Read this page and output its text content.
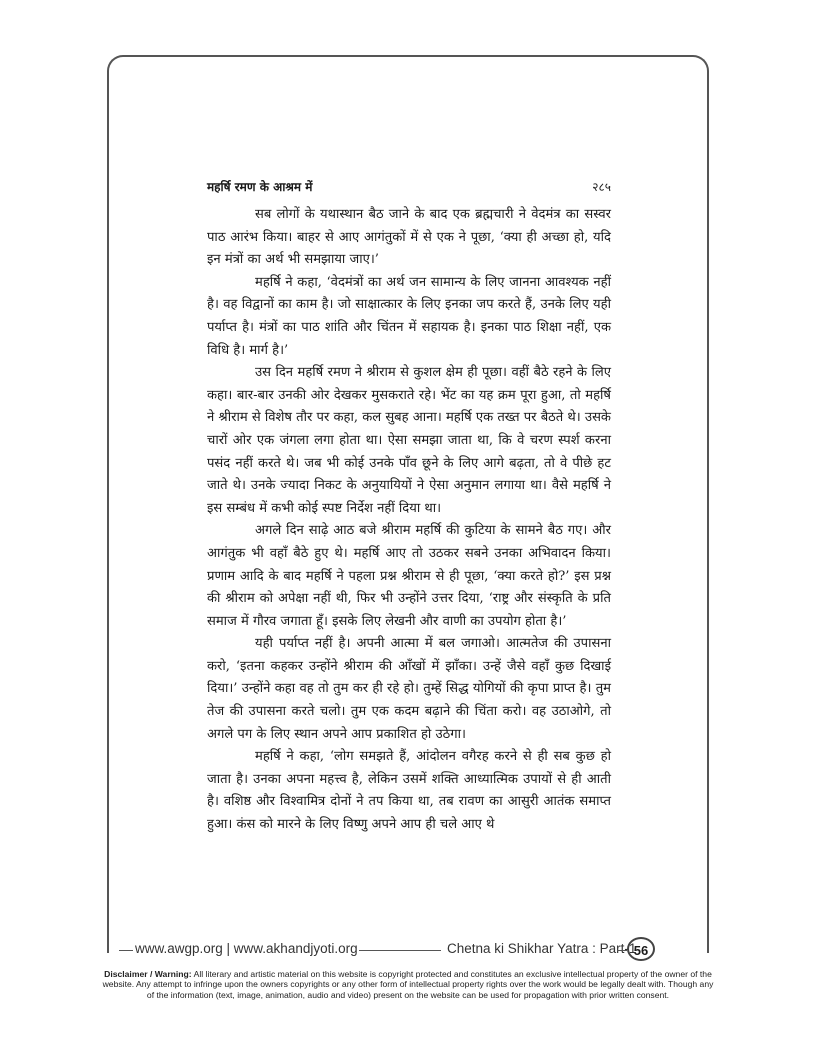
महर्षि रमण के आश्रम में	२८५

सब लोगों के यथास्थान बैठ जाने के बाद एक ब्रह्मचारी ने वेदमंत्र का सस्वर पाठ आरंभ किया। बाहर से आए आगंतुकों में से एक ने पूछा, ‘क्या ही अच्छा हो, यदि इन मंत्रों का अर्थ भी समझाया जाए।’

महर्षि ने कहा, ‘वेदमंत्रों का अर्थ जन सामान्य के लिए जानना आवश्यक नहीं है। वह विद्वानों का काम है। जो साक्षात्कार के लिए इनका जप करते हैं, उनके लिए यही पर्याप्त है। मंत्रों का पाठ शांति और चिंतन में सहायक है। इनका पाठ शिक्षा नहीं, एक विधि है। मार्ग है।’

उस दिन महर्षि रमण ने श्रीराम से कुशल क्षेम ही पूछा। वहीं बैठे रहने के लिए कहा। बार-बार उनकी ओर देखकर मुसकराते रहे। भेंट का यह क्रम पूरा हुआ, तो महर्षि ने श्रीराम से विशेष तौर पर कहा, कल सुबह आना। महर्षि एक तख्त पर बैठते थे। उसके चारों ओर एक जंगला लगा होता था। ऐसा समझा जाता था, कि वे चरण स्पर्श करना पसंद नहीं करते थे। जब भी कोई उनके पाँव छूने के लिए आगे बढ़ता, तो वे पीछे हट जाते थे। उनके ज्यादा निकट के अनुयायियों ने ऐसा अनुमान लगाया था। वैसे महर्षि ने इस सम्बंध में कभी कोई स्पष्ट निर्देश नहीं दिया था।

अगले दिन साढ़े आठ बजे श्रीराम महर्षि की कुटिया के सामने बैठ गए। और आगंतुक भी वहाँ बैठे हुए थे। महर्षि आए तो उठकर सबने उनका अभिवादन किया। प्रणाम आदि के बाद महर्षि ने पहला प्रश्न श्रीराम से ही पूछा, ‘क्या करते हो?’ इस प्रश्न की श्रीराम को अपेक्षा नहीं थी, फिर भी उन्होंने उत्तर दिया, ‘राष्ट्र और संस्कृति के प्रति समाज में गौरव जगाता हूँ। इसके लिए लेखनी और वाणी का उपयोग होता है।’

यही पर्याप्त नहीं है। अपनी आत्मा में बल जगाओ। आत्मतेज की उपासना करो, ‘इतना कहकर उन्होंने श्रीराम की आँखों में झाँका। उन्हें जैसे वहाँ कुछ दिखाई दिया।’ उन्होंने कहा वह तो तुम कर ही रहे हो। तुम्हें सिद्ध योगियों की कृपा प्राप्त है। तुम तेज की उपासना करते चलो। तुम एक कदम बढ़ाने की चिंता करो। वह उठाओगे, तो अगले पग के लिए स्थान अपने आप प्रकाशित हो उठेगा।

महर्षि ने कहा, ‘लोग समझते हैं, आंदोलन वगैरह करने से ही सब कुछ हो जाता है। उनका अपना महत्त्व है, लेकिन उसमें शक्ति आध्यात्मिक उपायों से ही आती है। वशिष्ठ और विश्वामित्र दोनों ने तप किया था, तब रावण का आसुरी आतंक समाप्त हुआ। कंस को मारने के लिए विष्णु अपने आप ही चले आए थे

www.awgp.org | www.akhandjyoti.org	Chetna ki Shikhar Yatra : Part-1
56
Disclaimer / Warning: All literary and artistic material on this website is copyright protected and constitutes an exclusive intellectual property of the owner of the website. Any attempt to infringe upon the owners copyrights or any other form of intellectual property rights over the work would be legally dealt with. Though any of the information (text, image, animation, audio and video) present on the website can be used for propagation with prior written consent.
